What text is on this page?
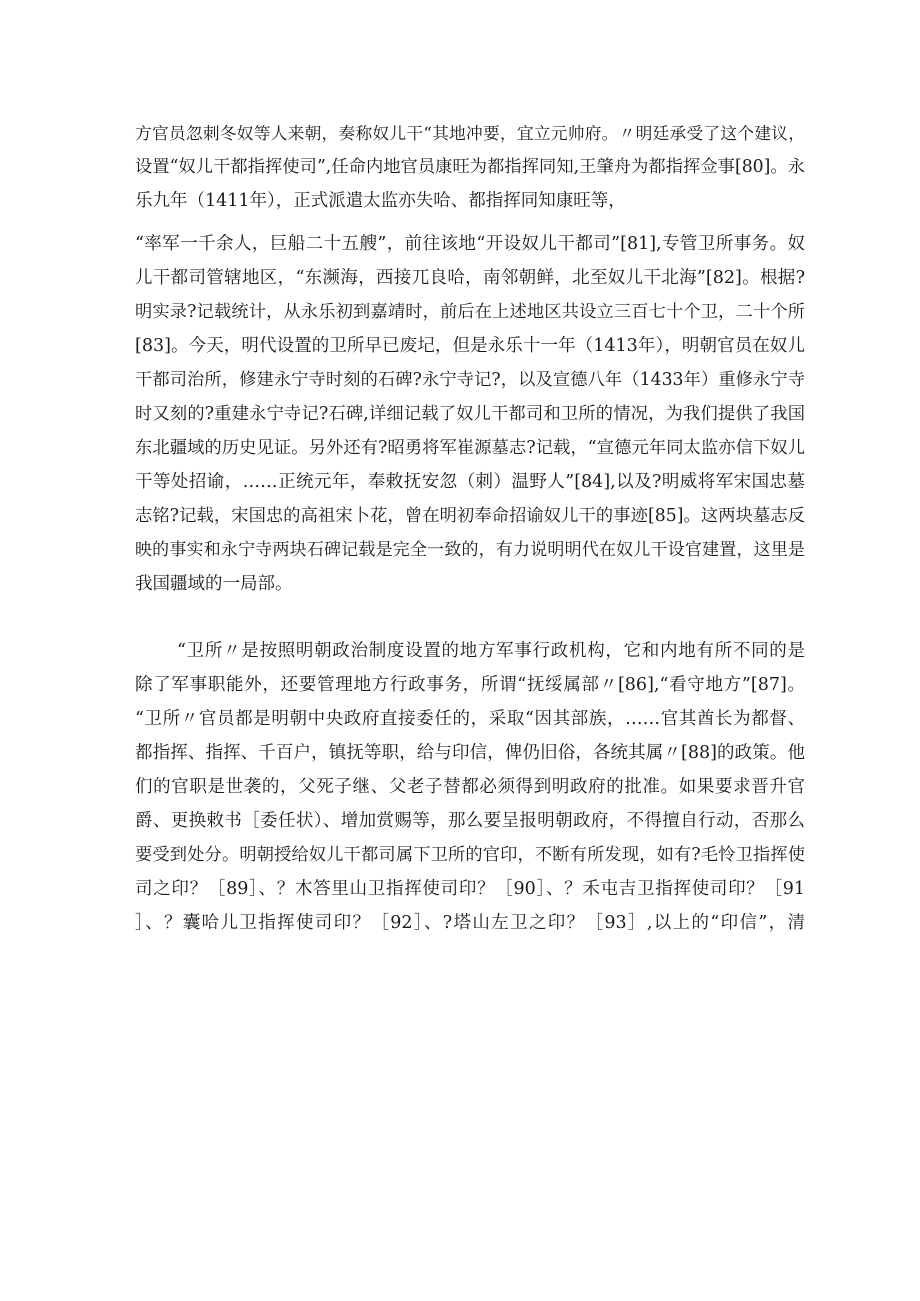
方官员忽刺冬奴等人来朝，奏称奴儿干“其地冲要，宜立元帅府。〃明廷承受了这个建议，
设置“奴儿干都指挥使司”,任命内地官员康旺为都指挥同知,王肇舟为都指挥佥事[80]。永
乐九年（1411年），正式派遣太监亦失哈、都指挥同知康旺等，
“率军一千余人，巨船二十五艘”，前往该地“开设奴儿干都司”[81],专管卫所事务。奴
儿干都司管辖地区，“东濒海，西接兀良哈，南邻朝鲜，北至奴儿干北海”[82]。根据?
明实录?记载统计，从永乐初到嘉靖时，前后在上述地区共设立三百七十个卫，二十个所
[83]。今天，明代设置的卫所早已废圮，但是永乐十一年（1413年），明朝官员在奴儿
干都司治所，修建永宁寺时刻的石碑?永宁寺记?，以及宣德八年（1433年）重修永宁寺
时又刻的?重建永宁寺记?石碑,详细记载了奴儿干都司和卫所的情况，为我们提供了我国
东北疆域的历史见证。另外还有?昭勇将军崔源墓志?记载，“宣德元年同太监亦信下奴儿
干等处招谕，……正统元年，奉敕抚安忽（刺）温野人”[84],以及?明威将军宋国忠墓
志铭?记载，宋国忠的高祖宋卜花，曾在明初奉命招谕奴儿干的事迹[85]。这两块墓志反
映的事实和永宁寺两块石碑记载是完全一致的，有力说明明代在奴儿干设官建置，这里是
我国疆域的一局部。
“卫所〃是按照明朝政治制度设置的地方军事行政机构，它和内地有所不同的是
除了军事职能外，还要管理地方行政事务，所谓“抚绥属部〃[86],“看守地方”[87]。
“卫所〃官员都是明朝中央政府直接委任的，采取“因其部族，……官其酋长为都督、
都指挥、指挥、千百户，镇抚等职，给与印信，俾仍旧俗，各统其属〃[88]的政策。他
们的官职是世袭的，父死子继、父老子替都必须得到明政府的批准。如果要求晋升官
爵、更换敕书［委任状）、增加赏赐等，那么要呈报明朝政府，不得擅自行动，否那么
要受到处分。明朝授给奴儿干都司属下卫所的官印，不断有所发现，如有?毛怜卫指挥使
司之印？［89］、？木答里山卫指挥使司印？［90］、？禾屯吉卫指挥使司印？［91
］、？囊哈儿卫指挥使司印？［92］、?塔山左卫之印？［93］,以上的“印信”，清
